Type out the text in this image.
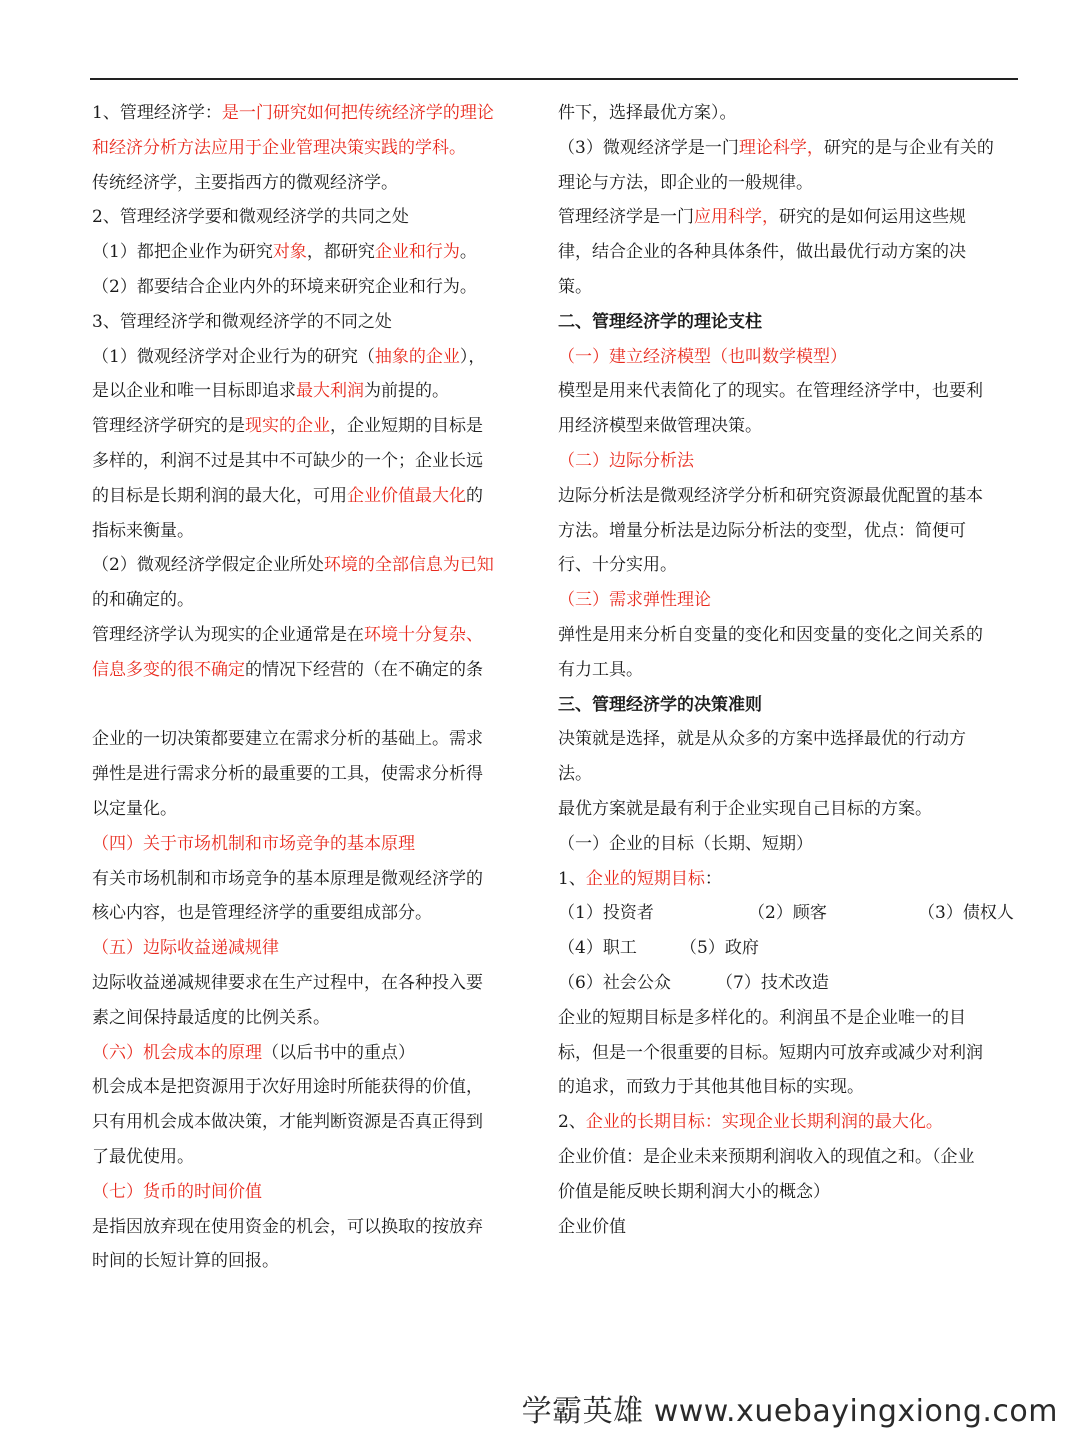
1、管理经济学：是一门研究如何把传统经济学的理论
和经济分析方法应用于企业管理决策实践的学科。
传统经济学，主要指西方的微观经济学。
2、管理经济学要和微观经济学的共同之处
（1）都把企业作为研究对象，都研究企业和行为。
（2）都要结合企业内外的环境来研究企业和行为。
3、管理经济学和微观经济学的不同之处
（1）微观经济学对企业行为的研究（抽象的企业），
是以企业和唯一目标即追求最大利润为前提的。
管理经济学研究的是现实的企业，企业短期的目标是
多样的，利润不过是其中不可缺少的一个；企业长远
的目标是长期利润的最大化，可用企业价值最大化的
指标来衡量。
（2）微观经济学假定企业所处环境的全部信息为已知
的和确定的。
管理经济学认为现实的企业通常是在环境十分复杂、
信息多变的很不确定的情况下经营的（在不确定的条
企业的一切决策都要建立在需求分析的基础上。需求
弹性是进行需求分析的最重要的工具，使需求分析得
以定量化。
（四）关于市场机制和市场竞争的基本原理
有关市场机制和市场竞争的基本原理是微观经济学的
核心内容，也是管理经济学的重要组成部分。
（五）边际收益递减规律
边际收益递减规律要求在生产过程中，在各种投入要
素之间保持最适度的比例关系。
（六）机会成本的原理（以后书中的重点）
机会成本是把资源用于次好用途时所能获得的价值，
只有用机会成本做决策，才能判断资源是否真正得到
了最优使用。
（七）货币的时间价值
是指因放弃现在使用资金的机会，可以换取的按放弃
时间的长短计算的回报。
件下，选择最优方案）。
（3）微观经济学是一门理论科学，研究的是与企业有关的
理论与方法，即企业的一般规律。
管理经济学是一门应用科学，研究的是如何运用这些规
律，结合企业的各种具体条件，做出最优行动方案的决
策。
二、管理经济学的理论支柱
（一）建立经济模型（也叫数学模型）
模型是用来代表简化了的现实。在管理经济学中，也要利
用经济模型来做管理决策。
（二）边际分析法
边际分析法是微观经济学分析和研究资源最优配置的基本
方法。增量分析法是边际分析法的变型，优点：简便可
行、十分实用。
（三）需求弹性理论
弹性是用来分析自变量的变化和因变量的变化之间关系的
有力工具。
三、管理经济学的决策准则
决策就是选择，就是从众多的方案中选择最优的行动方
法。
最优方案就是最有利于企业实现自己目标的方案。
（一）企业的目标（长期、短期）
1、企业的短期目标：
（1）投资者	（2）顾客	（3）债权人
（4）职工	（5）政府
（6）社会公众	（7）技术改造
企业的短期目标是多样化的。利润虽不是企业唯一的目
标，但是一个很重要的目标。短期内可放弃或减少对利润
的追求，而致力于其他其他目标的实现。
2、企业的长期目标：实现企业长期利润的最大化。
企业价值：是企业未来预期利润收入的现值之和。（企业
价值是能反映长期利润大小的概念）
企业价值
学霸英雄 www.xuebayingxiong.com
